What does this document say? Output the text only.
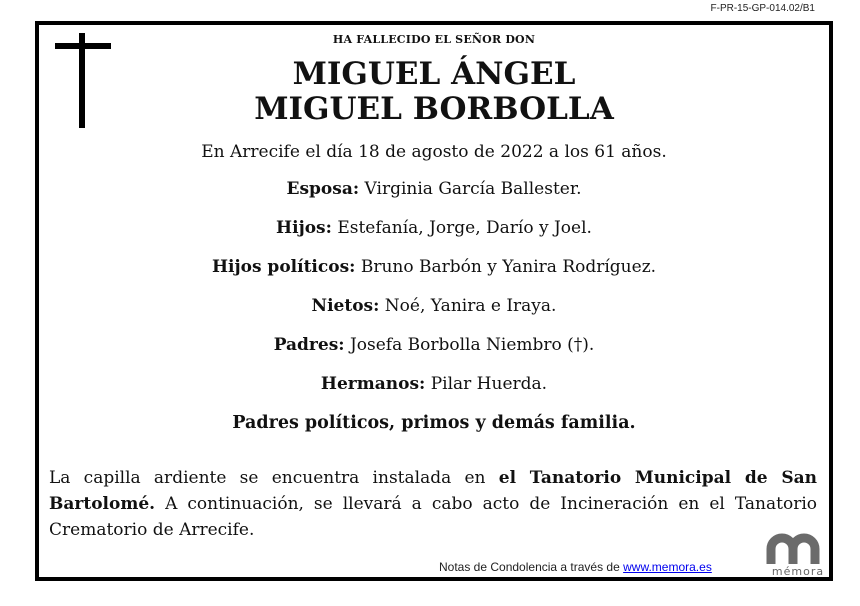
F-PR-15-GP-014.02/B1
HA FALLECIDO EL SEÑOR DON
MIGUEL ÁNGEL
MIGUEL BORBOLLA
En Arrecife el día 18 de agosto de 2022 a los 61 años.
Esposa: Virginia García Ballester.
Hijos: Estefanía, Jorge, Darío y Joel.
Hijos políticos: Bruno Barbón y Yanira Rodríguez.
Nietos: Noé, Yanira e Iraya.
Padres: Josefa Borbolla Niembro (†).
Hermanos: Pilar Huerda.
Padres políticos, primos y demás familia.
La capilla ardiente se encuentra instalada en el Tanatorio Municipal de San Bartolomé. A continuación, se llevará a cabo acto de Incineración en el Tanatorio Crematorio de Arrecife.
Notas de Condolencia a través de www.memora.es	mémora
